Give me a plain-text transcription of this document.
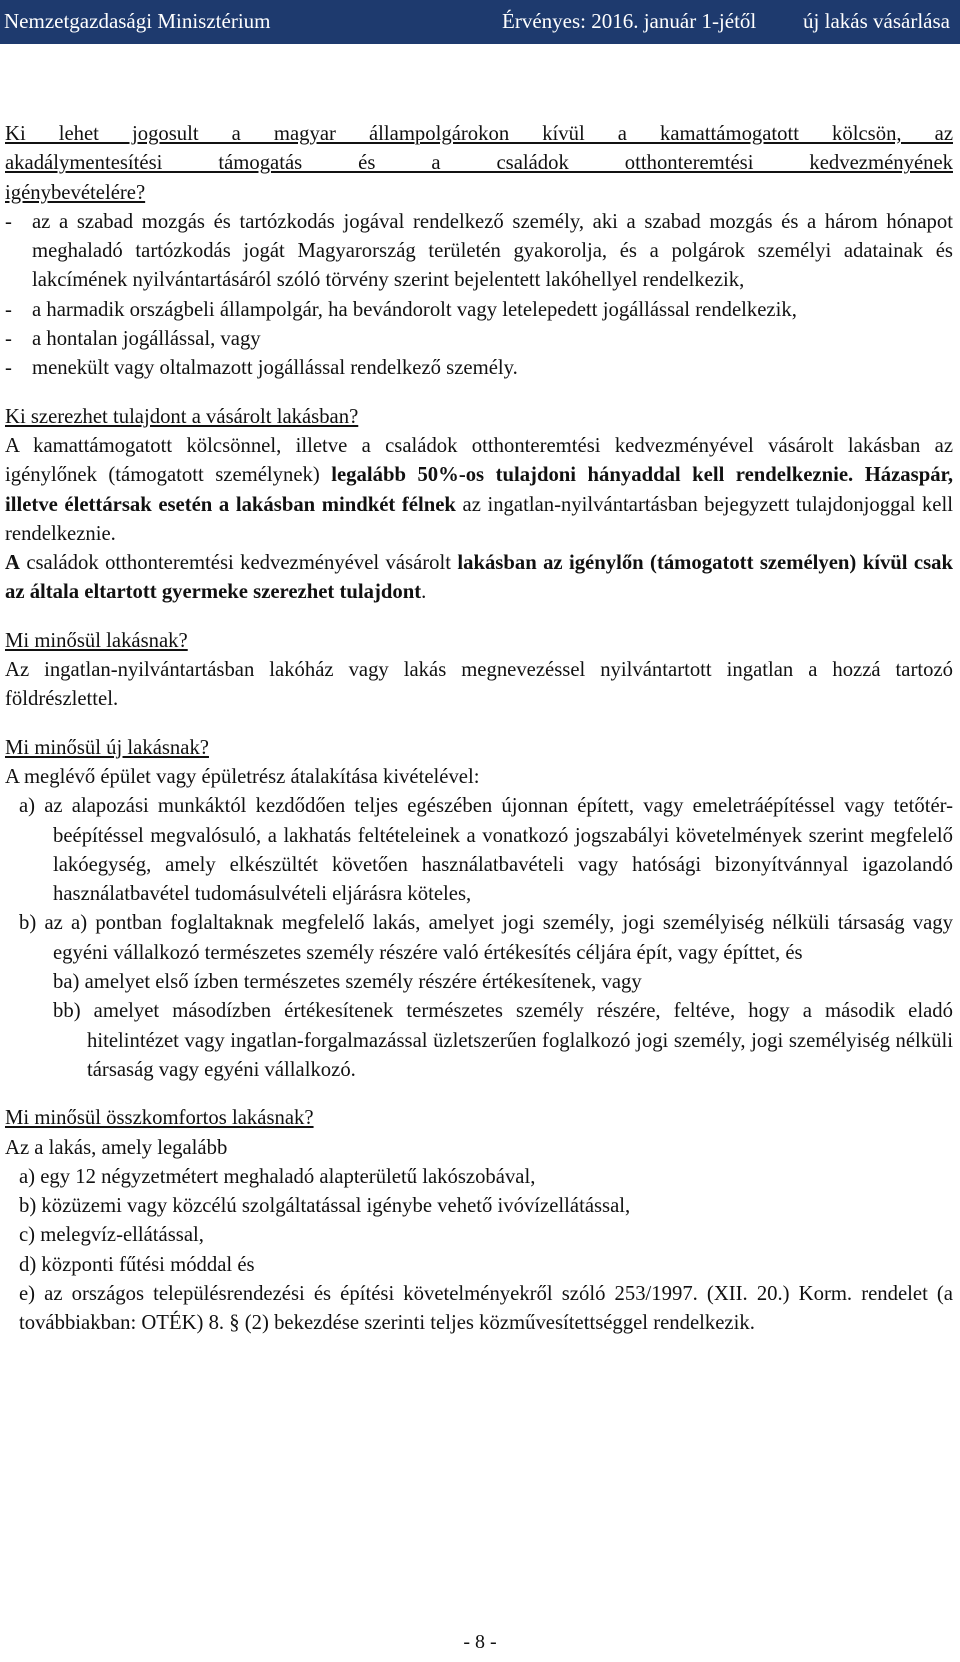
Nemzetgazdasági Minisztérium	Érvényes: 2016. január 1-jétől új lakás vásárlása

Ki lehet jogosult a magyar állampolgárokon kívül a kamattámogatott kölcsön, az

akadálymentesítési támogatás és a családok otthonteremtési kedvezményének

igénybevételére?

- az a szabad mozgás és tartózkodás jogával rendelkező személy, aki a szabad mozgás és a három hónapot meghaladó tartózkodás jogát Magyarország területén gyakorolja, és a polgárok személyi adatainak és lakcímének nyilvántartásáról szóló törvény szerint bejelentett lakóhellyel rendelkezik,
- a harmadik országbeli állampolgár, ha bevándorolt vagy letelepedett jogállással rendelkezik,
- a hontalan jogállással, vagy
- menekült vagy oltalmazott jogállással rendelkező személy.

Ki szerezhet tulajdont a vásárolt lakásban?

A kamattámogatott kölcsönnel, illetve a családok otthonteremtési kedvezményével vásárolt lakásban az igénylőnek (támogatott személynek) legalább 50%-os tulajdoni hányaddal kell rendelkeznie. Házaspár, illetve élettársak esetén a lakásban mindkét félnek az ingatlan-nyilvántartásban bejegyzett tulajdonjoggal kell rendelkeznie.

A családok otthonteremtési kedvezményével vásárolt lakásban az igénylőn (támogatott személyen) kívül csak az általa eltartott gyermeke szerezhet tulajdont.

Mi minősül lakásnak?

Az ingatlan-nyilvántartásban lakóház vagy lakás megnevezéssel nyilvántartott ingatlan a hozzá tartozó földrészlettel.

Mi minősül új lakásnak?

A meglévő épület vagy épületrész átalakítása kivételével:

a) az alapozási munkáktól kezdődően teljes egészében újonnan épített, vagy emeletráépítéssel vagy tetőtér-beépítéssel megvalósuló, a lakhatás feltételeinek a vonatkozó jogszabályi követelmények szerint megfelelő lakóegység, amely elkészültét követően használatbavételi vagy hatósági bizonyítvánnyal igazolandó használatbavétel tudomásulvételi eljárásra köteles,

b) az a) pontban foglaltaknak megfelelő lakás, amelyet jogi személy, jogi személyiség nélküli társaság vagy egyéni vállalkozó természetes személy részére való értékesítés céljára épít, vagy építtet, és

ba) amelyet első ízben természetes személy részére értékesítenek, vagy

bb) amelyet másodízben értékesítenek természetes személy részére, feltéve, hogy a második eladó hitelintézet vagy ingatlan-forgalmazással üzletszerűen foglalkozó jogi személy, jogi személyiség nélküli társaság vagy egyéni vállalkozó.

Mi minősül összkomfortos lakásnak?

Az a lakás, amely legalább

a) egy 12 négyzetmétert meghaladó alapterületű lakószobával,

b) közüzemi vagy közcélú szolgáltatással igénybe vehető ivóvízellátással,

c) melegvíz-ellátással,

d) központi fűtési móddal és

e) az országos településrendezési és építési követelményekről szóló 253/1997. (XII. 20.) Korm. rendelet (a továbbiakban: OTÉK) 8. § (2) bekezdése szerinti teljes közművesítettséggel rendelkezik.

- 8 -
